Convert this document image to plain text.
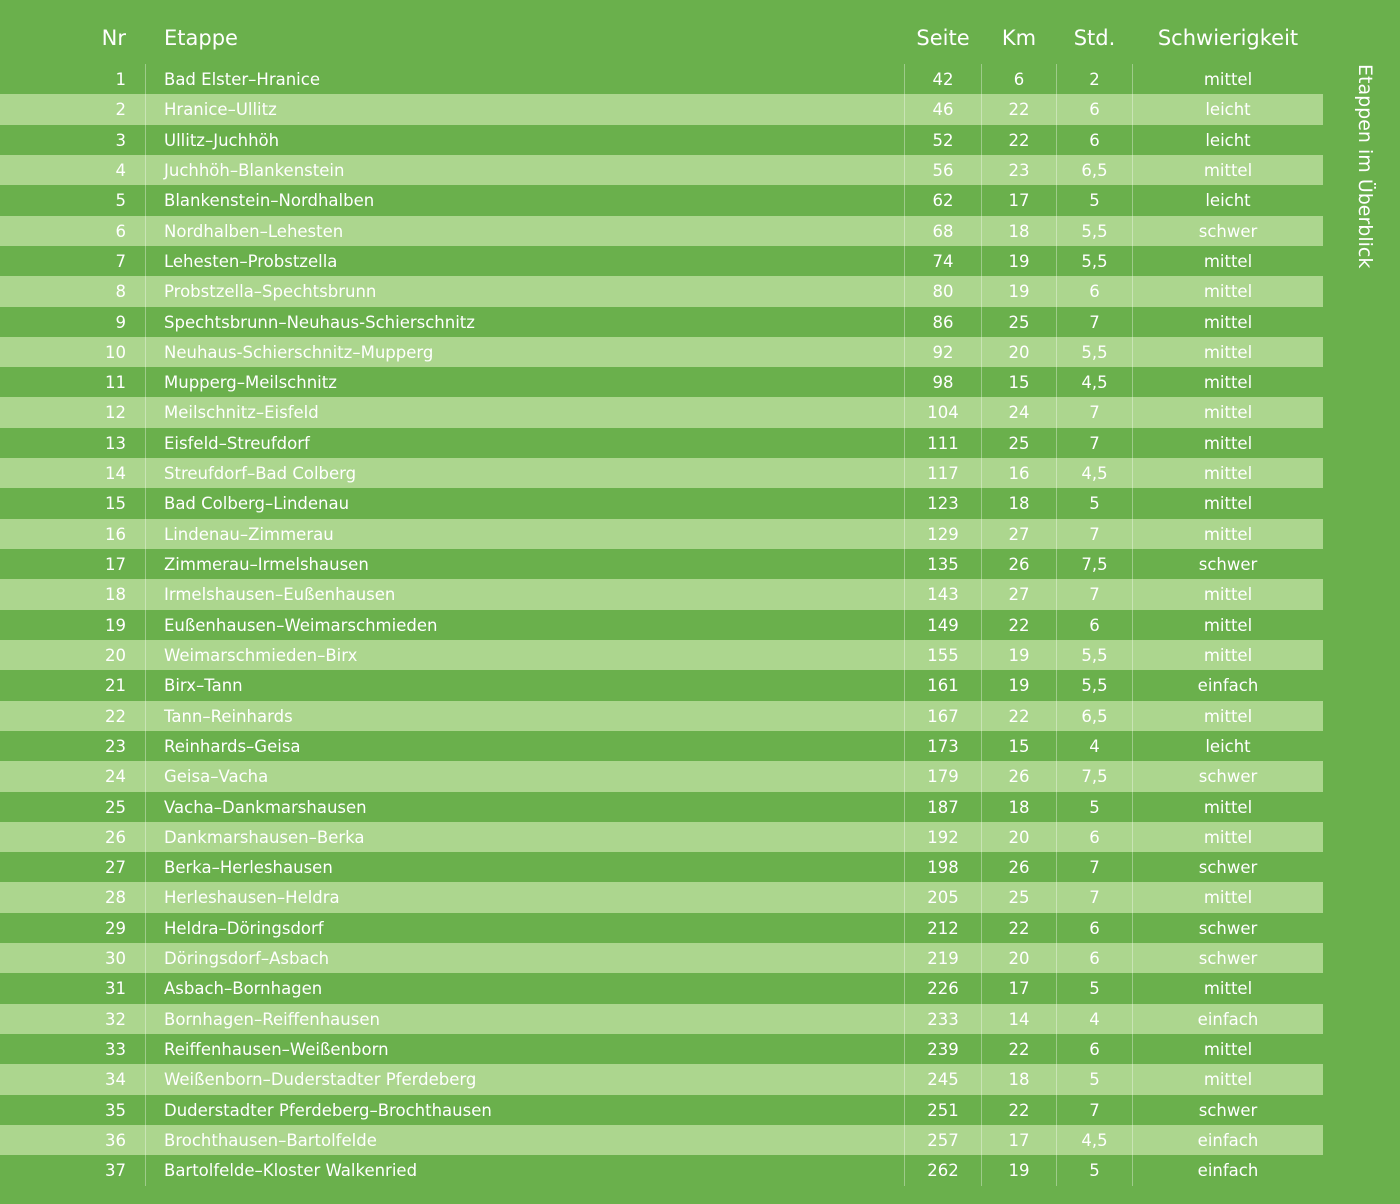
Nr Etappe	Seite	Km	Std.	Schwierigkeit
1 Bad Elster–Hranice	42	6	2	mittel
2 Hranice–Ullitz	46	22	6	leicht
3 Ullitz–Juchhöh	52	22	6	leicht
4 Juchhöh–Blankenstein	56	23	6,5	mittel
5 Blankenstein–Nordhalben	62	17	5	leicht
6 Nordhalben–Lehesten	68	18	5,5	schwer
7 Lehesten–Probstzella	74	19	5,5	mittel
8 Probstzella–Spechtsbrunn	80	19	6	mittel
9 Spechtsbrunn–Neuhaus-Schierschnitz	86	25	7	mittel
10 Neuhaus-Schierschnitz–Mupperg	92	20	5,5	mittel
11 Mupperg–Meilschnitz	98	15	4,5	mittel
12 Meilschnitz–Eisfeld	104	24	7	mittel
13 Eisfeld–Streufdorf	111	25	7	mittel
14 Streufdorf–Bad Colberg	117	16	4,5	mittel
15 Bad Colberg–Lindenau	123	18	5	mittel
16 Lindenau–Zimmerau	129	27	7	mittel
17 Zimmerau–Irmelshausen	135	26	7,5	schwer
18 Irmelshausen–Eußenhausen	143	27	7	mittel
19 Eußenhausen–Weimarschmieden	149	22	6	mittel
20 Weimarschmieden–Birx	155	19	5,5	mittel
21 Birx–Tann	161	19	5,5	einfach
22 Tann–Reinhards	167	22	6,5	mittel
23 Reinhards–Geisa	173	15	4	leicht
24 Geisa–Vacha	179	26	7,5	schwer
25 Vacha–Dankmarshausen	187	18	5	mittel
26 Dankmarshausen–Berka	192	20	6	mittel
27 Berka–Herleshausen	198	26	7	schwer
28 Herleshausen–Heldra	205	25	7	mittel
29 Heldra–Döringsdorf	212	22	6	schwer
30 Döringsdorf–Asbach	219	20	6	schwer
31 Asbach–Bornhagen	226	17	5	mittel
32 Bornhagen–Reiffenhausen	233	14	4	einfach
33 Reiffenhausen–Weißenborn	239	22	6	mittel
34 Weißenborn–Duderstadter Pferdeberg	245	18	5	mittel
35 Duderstadter Pferdeberg–Brochthausen	251	22	7	schwer
36 Brochthausen–Bartolfelde	257	17	4,5	einfach
37 Bartolfelde–Kloster Walkenried	262	19	5	einfach
Etappen im Überblick
